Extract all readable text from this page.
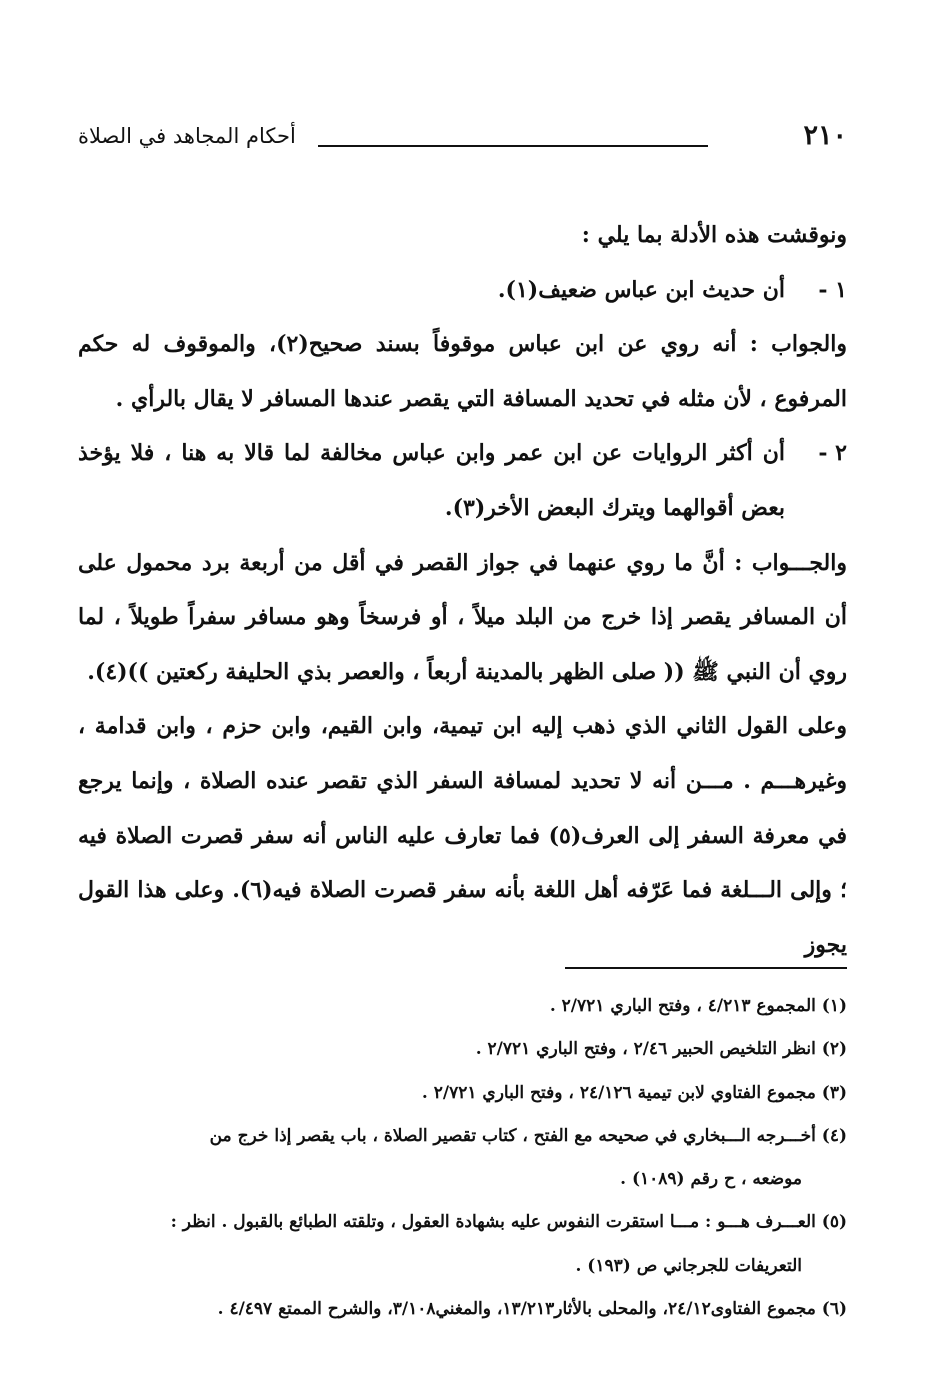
٢١٠
أحكام المجاهد في الصلاة

ونوقشت هذه الأدلة بما يلي :

١ -
أن حديث ابن عباس ضعيف(١).

والجواب : أنه روي عن ابن عباس موقوفاً بسند صحيح(٢)، والموقوف له حكم المرفوع ، لأن مثله في تحديد المسافة التي يقصر عندها المسافر لا يقال بالرأي .

٢ -
أن أكثر الروايات عن ابن عمر وابن عباس مخالفة لما قالا به هنا ، فلا يؤخذ بعض أقوالهما ويترك البعض الأخر(٣).

والجـــواب : أنَّ ما روي عنهما في جواز القصر في أقل من أربعة برد محمول على أن المسافر يقصر إذا خرج من البلد ميلاً ، أو فرسخاً وهو مسافر سفراً طويلاً ، لما روي أن النبي ﷺ (( صلى الظهر بالمدينة أربعاً ، والعصر بذي الحليفة ركعتين ))(٤).

وعلى القول الثاني الذي ذهب إليه ابن تيمية، وابن القيم، وابن حزم ، وابن قدامة ، وغيرهـــم . مـــن أنه لا تحديد لمسافة السفر الذي تقصر عنده الصلاة ، وإنما يرجع في معرفة السفر إلى العرف(٥) فما تعارف عليه الناس أنه سفر قصرت الصلاة فيه ؛ وإلى الـــلغة فما عَرّفه أهل اللغة بأنه سفر قصرت الصلاة فيه(٦). وعلى هذا القول يجوز

(١) المجموع ٤/٢١٣ ، وفتح الباري ٢/٧٢١ .

(٢) انظر التلخيص الحبير ٢/٤٦ ، وفتح الباري ٢/٧٢١ .

(٣) مجموع الفتاوي لابن تيمية ٢٤/١٢٦ ، وفتح الباري ٢/٧٢١ .

(٤) أخـــرجه الـــبخاري في صحيحه مع الفتح ، كتاب تقصير الصلاة ، باب يقصر إذا خرج من

موضعه ، ح رقم (١٠٨٩) .

(٥) العـــرف هـــو : مـــا استقرت النفوس عليه بشهادة العقول ، وتلقته الطبائع بالقبول . انظر :

التعريفات للجرجاني ص (١٩٣) .

(٦) مجموع الفتاوى٢٤/١٢، والمحلى بالأثار١٣/٢١٣، والمغني٣/١٠٨، والشرح الممتع ٤/٤٩٧ .
